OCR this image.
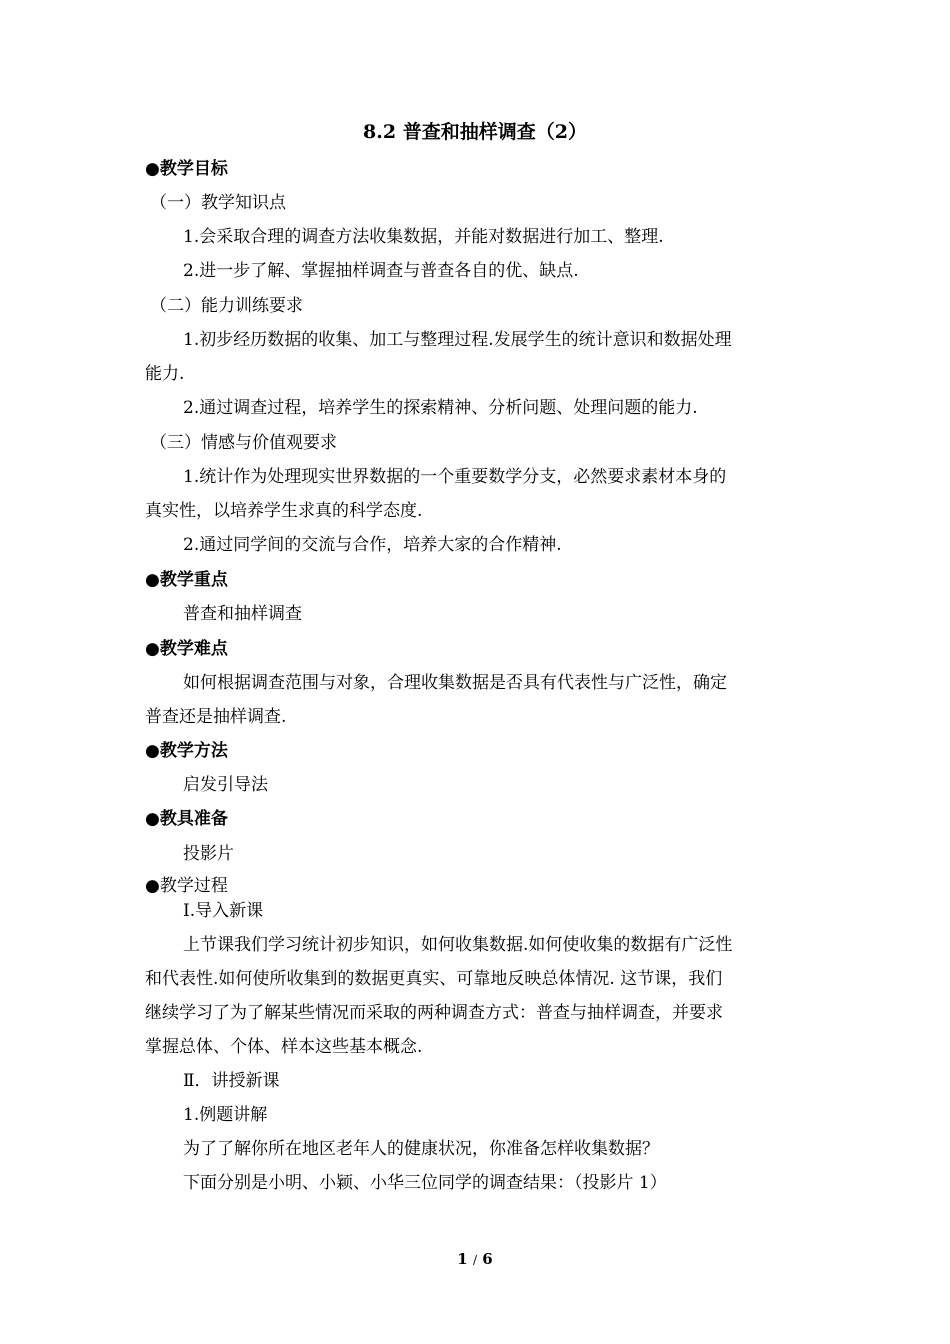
8.2 普查和抽样调查（2）
●教学目标
（一）教学知识点
1.会采取合理的调查方法收集数据，并能对数据进行加工、整理.
2.进一步了解、掌握抽样调查与普查各自的优、缺点.
（二）能力训练要求
1.初步经历数据的收集、加工与整理过程.发展学生的统计意识和数据处理
能力.
2.通过调查过程，培养学生的探索精神、分析问题、处理问题的能力.
（三）情感与价值观要求
1.统计作为处理现实世界数据的一个重要数学分支，必然要求素材本身的
真实性，以培养学生求真的科学态度.
2.通过同学间的交流与合作，培养大家的合作精神.
●教学重点
普查和抽样调查
●教学难点
如何根据调查范围与对象，合理收集数据是否具有代表性与广泛性，确定
普查还是抽样调查.
●教学方法
启发引导法
●教具准备
投影片
●教学过程
Ⅰ.导入新课
上节课我们学习统计初步知识，如何收集数据.如何使收集的数据有广泛性
和代表性.如何使所收集到的数据更真实、可靠地反映总体情况. 这节课，我们
继续学习了为了解某些情况而采取的两种调查方式：普查与抽样调查，并要求
掌握总体、个体、样本这些基本概念.
Ⅱ．讲授新课
1.例题讲解
为了了解你所在地区老年人的健康状况，你准备怎样收集数据？
下面分别是小明、小颖、小华三位同学的调查结果：（投影片 1）
1 / 6
